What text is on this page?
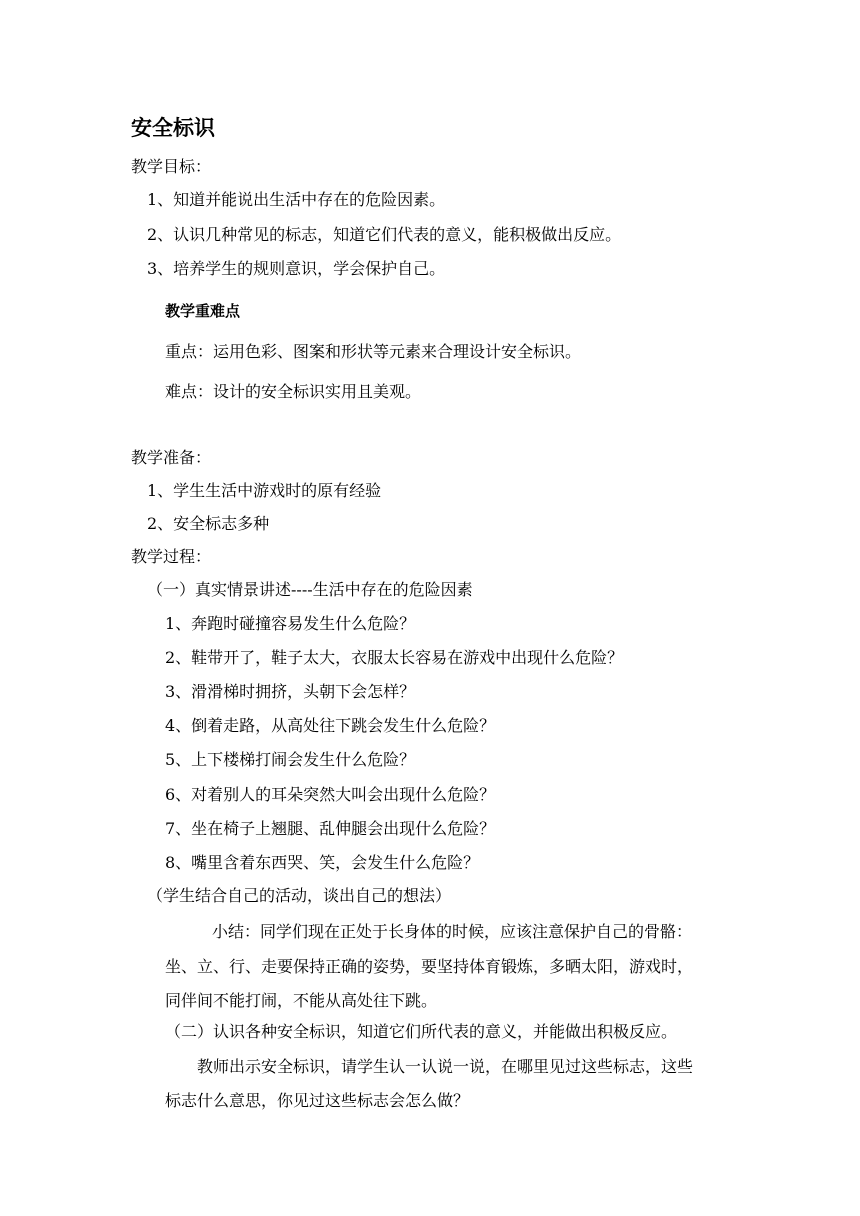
安全标识
教学目标：
1、知道并能说出生活中存在的危险因素。
2、认识几种常见的标志，知道它们代表的意义，能积极做出反应。
3、培养学生的规则意识，学会保护自己。
教学重难点
重点：运用色彩、图案和形状等元素来合理设计安全标识。
难点：设计的安全标识实用且美观。
教学准备：
1、学生生活中游戏时的原有经验
2、安全标志多种
教学过程：
（一）真实情景讲述----生活中存在的危险因素
1、奔跑时碰撞容易发生什么危险？
2、鞋带开了，鞋子太大，衣服太长容易在游戏中出现什么危险？
3、滑滑梯时拥挤，头朝下会怎样？
4、倒着走路，从高处往下跳会发生什么危险？
5、上下楼梯打闹会发生什么危险？
6、对着别人的耳朵突然大叫会出现什么危险？
7、坐在椅子上翘腿、乱伸腿会出现什么危险？
8、嘴里含着东西哭、笑，会发生什么危险？
（学生结合自己的活动，谈出自己的想法）
小结：同学们现在正处于长身体的时候，应该注意保护自己的骨骼：
坐、立、行、走要保持正确的姿势，要坚持体育锻炼，多晒太阳，游戏时，
同伴间不能打闹，不能从高处往下跳。
（二）认识各种安全标识，知道它们所代表的意义，并能做出积极反应。
教师出示安全标识，请学生认一认说一说，在哪里见过这些标志，这些
标志什么意思，你见过这些标志会怎么做？
